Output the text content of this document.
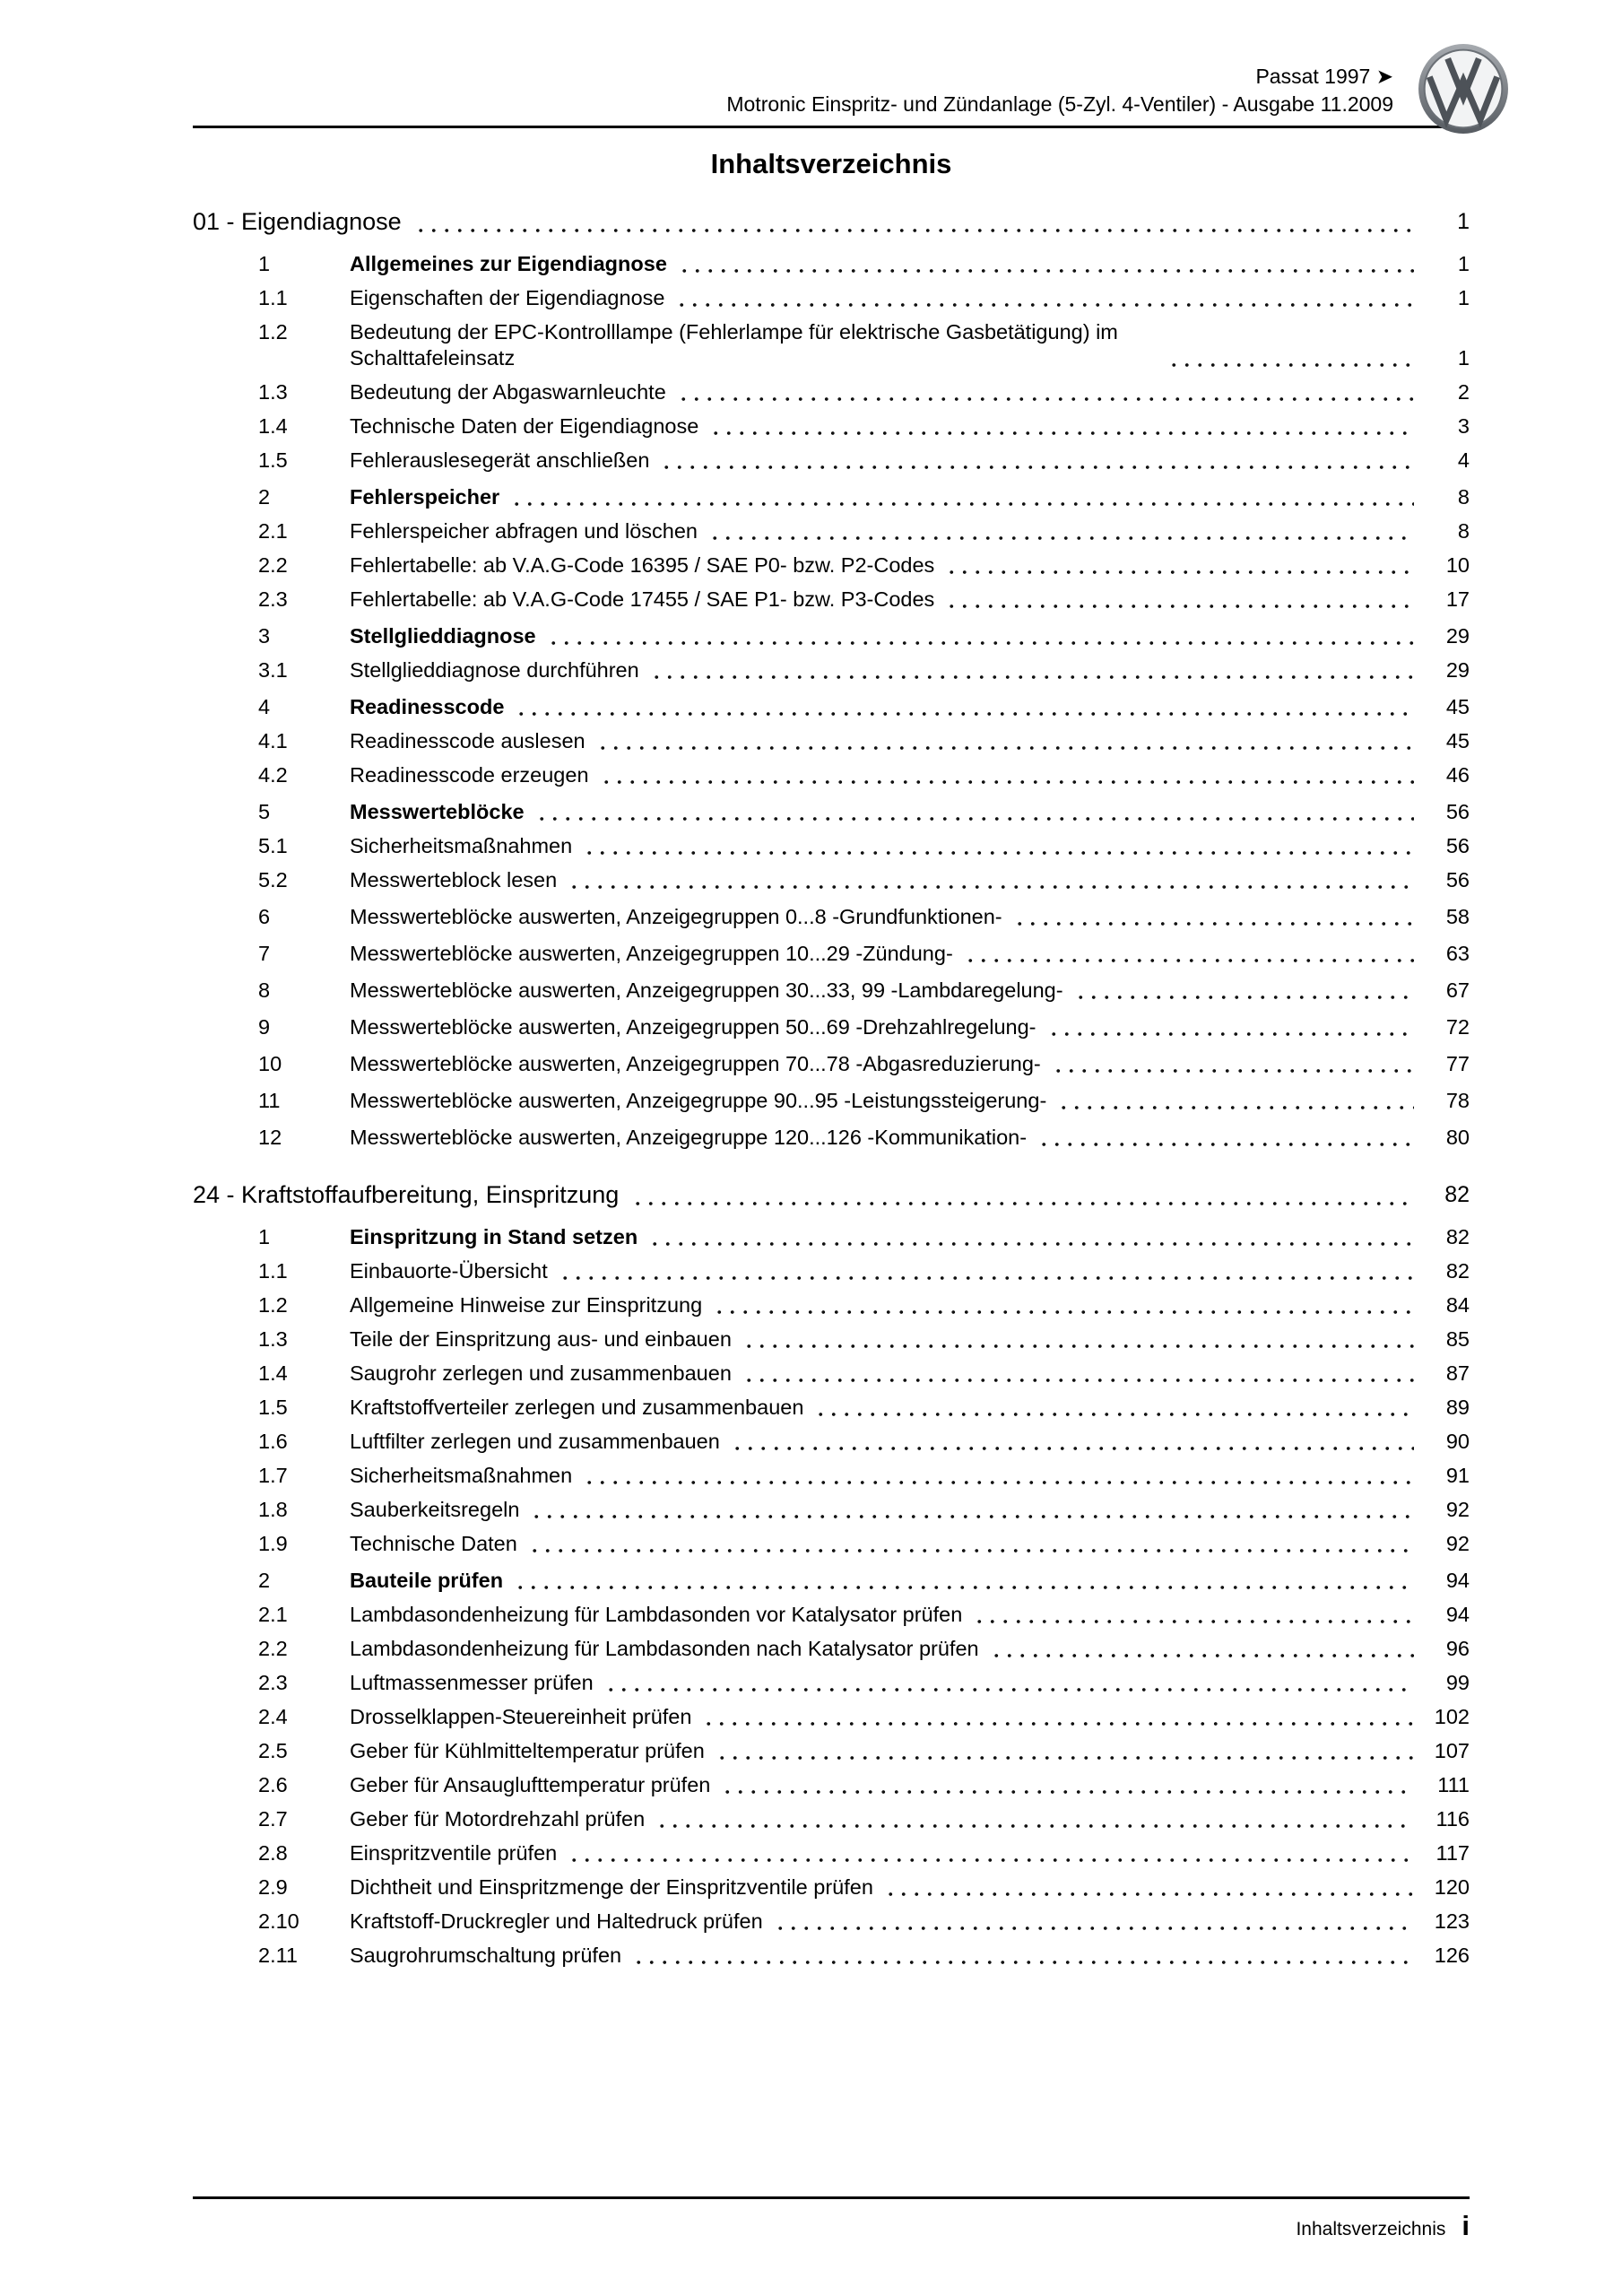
Passat 1997 ➤
Motronic Einspritz- und Zündanlage (5-Zyl. 4-Ventiler) - Ausgabe 11.2009
Inhaltsverzeichnis
01 - Eigendiagnose	1
1	Allgemeines zur Eigendiagnose	1
1.1	Eigenschaften der Eigendiagnose	1
1.2	Bedeutung der EPC-Kontrolllampe (Fehlerlampe für elektrische Gasbetätigung) im Schalttafeleinsatz	1
1.3	Bedeutung der Abgaswarnleuchte	2
1.4	Technische Daten der Eigendiagnose	3
1.5	Fehlerauslesegerät anschließen	4
2	Fehlerspeicher	8
2.1	Fehlerspeicher abfragen und löschen	8
2.2	Fehlertabelle: ab V.A.G-Code 16395 / SAE P0- bzw. P2-Codes	10
2.3	Fehlertabelle: ab V.A.G-Code 17455 / SAE P1- bzw. P3-Codes	17
3	Stellglieddiagnose	29
3.1	Stellglieddiagnose durchführen	29
4	Readinesscode	45
4.1	Readinesscode auslesen	45
4.2	Readinesscode erzeugen	46
5	Messwerteblöcke	56
5.1	Sicherheitsmaßnahmen	56
5.2	Messwerteblock lesen	56
6	Messwerteblöcke auswerten, Anzeigegruppen 0...8 -Grundfunktionen-	58
7	Messwerteblöcke auswerten, Anzeigegruppen 10...29 -Zündung-	63
8	Messwerteblöcke auswerten, Anzeigegruppen 30...33, 99 -Lambdaregelung-	67
9	Messwerteblöcke auswerten, Anzeigegruppen 50...69 -Drehzahlregelung-	72
10	Messwerteblöcke auswerten, Anzeigegruppen 70...78 -Abgasreduzierung-	77
11	Messwerteblöcke auswerten, Anzeigegruppe 90...95 -Leistungssteigerung-	78
12	Messwerteblöcke auswerten, Anzeigegruppe 120...126 -Kommunikation-	80
24 - Kraftstoffaufbereitung, Einspritzung	82
1	Einspritzung in Stand setzen	82
1.1	Einbauorte-Übersicht	82
1.2	Allgemeine Hinweise zur Einspritzung	84
1.3	Teile der Einspritzung aus- und einbauen	85
1.4	Saugrohr zerlegen und zusammenbauen	87
1.5	Kraftstoffverteiler zerlegen und zusammenbauen	89
1.6	Luftfilter zerlegen und zusammenbauen	90
1.7	Sicherheitsmaßnahmen	91
1.8	Sauberkeitsregeln	92
1.9	Technische Daten	92
2	Bauteile prüfen	94
2.1	Lambdasondenheizung für Lambdasonden vor Katalysator prüfen	94
2.2	Lambdasondenheizung für Lambdasonden nach Katalysator prüfen	96
2.3	Luftmassenmesser prüfen	99
2.4	Drosselklappen-Steuereinheit prüfen	102
2.5	Geber für Kühlmitteltemperatur prüfen	107
2.6	Geber für Ansauglufttemperatur prüfen	111
2.7	Geber für Motordrehzahl prüfen	116
2.8	Einspritzventile prüfen	117
2.9	Dichtheit und Einspritzmenge der Einspritzventile prüfen	120
2.10	Kraftstoff-Druckregler und Haltedruck prüfen	123
2.11	Saugrohrumschaltung prüfen	126
Inhaltsverzeichnis i
